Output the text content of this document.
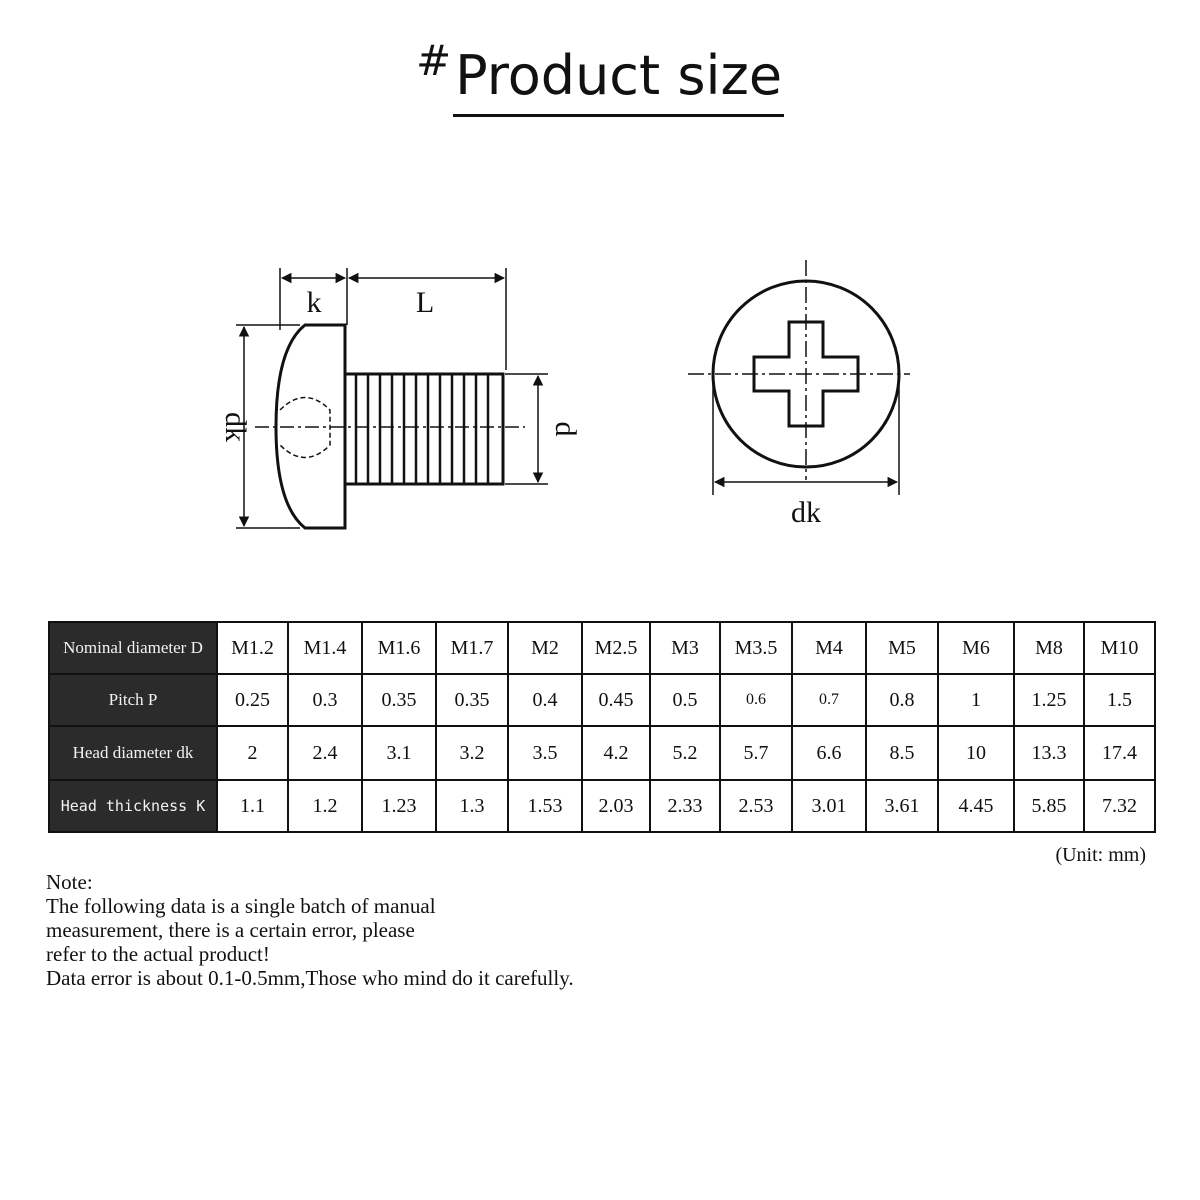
#Product size
k	L
dk	d
dk
Nominal diameter D	M1.2	M1.4	M1.6	M1.7	M2	M2.5	M3	M3.5	M4	M5	M6	M8	M10
Pitch P	0.25	0.3	0.35	0.35	0.4	0.45	0.5	0.6	0.7	0.8	1	1.25	1.5
Head diameter dk	2	2.4	3.1	3.2	3.5	4.2	5.2	5.7	6.6	8.5	10	13.3	17.4
Head thickness K	1.1	1.2	1.23	1.3	1.53	2.03	2.33	2.53	3.01	3.61	4.45	5.85	7.32
(Unit: mm)
Note:
The following data is a single batch of manual
measurement, there is a certain error, please
refer to the actual product!
Data error is about 0.1-0.5mm,Those who mind do it carefully.
